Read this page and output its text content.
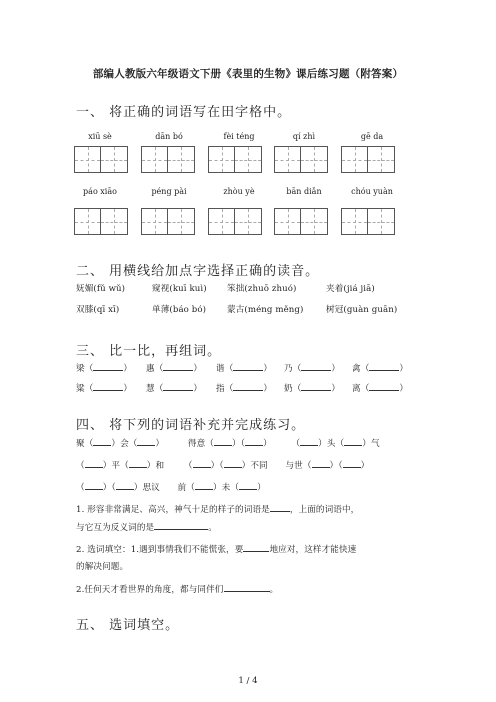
部编人教版六年级语文下册《表里的生物》课后练习题（附答案）
一、 将正确的词语写在田字格中。
xiū sè	dān bó	fèi téng	qí zhì	gē da
páo xiāo	péng pài	zhòu yè	bān diǎn	chóu yuàn
二、 用横线给加点字选择正确的读音。
妩媚(fǔ wǔ)	窥视(kuī kuì) 笨拙(zhuō zhuó)	夹着(jiá jiā)
双膝(qī xī)	单薄(báo bó) 蒙古(méng měng)	树冠(guàn guān)
三、 比一比，再组词。
梁（	） 惠（	） 谐（	） 乃（	） 禽（	）
粱（	） 慧（	） 指（	） 奶（	） 离（	）
四、 将下列的词语补充并完成练习。
聚（ ）会（ ）	得意（ ）（ ） （ ）头（ ）气
（ ）平（ ）和 （ ）（ ）不同 与世（ ）（ ）
（ ）（ ）思议 前（ ）未（ ）
1. 形容非常满足、高兴，神气十足的样子的词语是 ，上面的词语中，
与它互为反义词的是	。
2. 选词填空：1.遇到事情我们不能慌张，要	地应对，这样才能快速
的解决问题。
2.任何天才看世界的角度，都与同伴们	。
五、 选词填空。
1 / 4
